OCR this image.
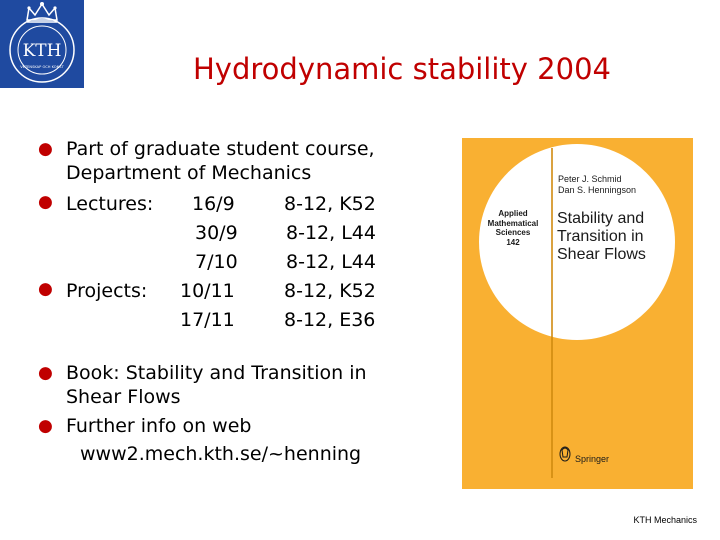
KTH
VETENSKAP OCH KONST	Hydrodynamic stability 2004
● Part of graduate student course,
Department of Mechanics
● Lectures: 16/9	8-12, K52
30/9	8-12, L44
7/10	8-12, L44
● Projects: 10/11	8-12, K52
17/11	8-12, E36
● Book: Stability and Transition in
Shear Flows
● Further info on web
www2.mech.kth.se/~henning
Peter J. Schmid
Dan S. Henningson
Applied
Mathematical
Sciences
142
Stability and
Transition in
Shear Flows
Springer
KTH Mechanics
